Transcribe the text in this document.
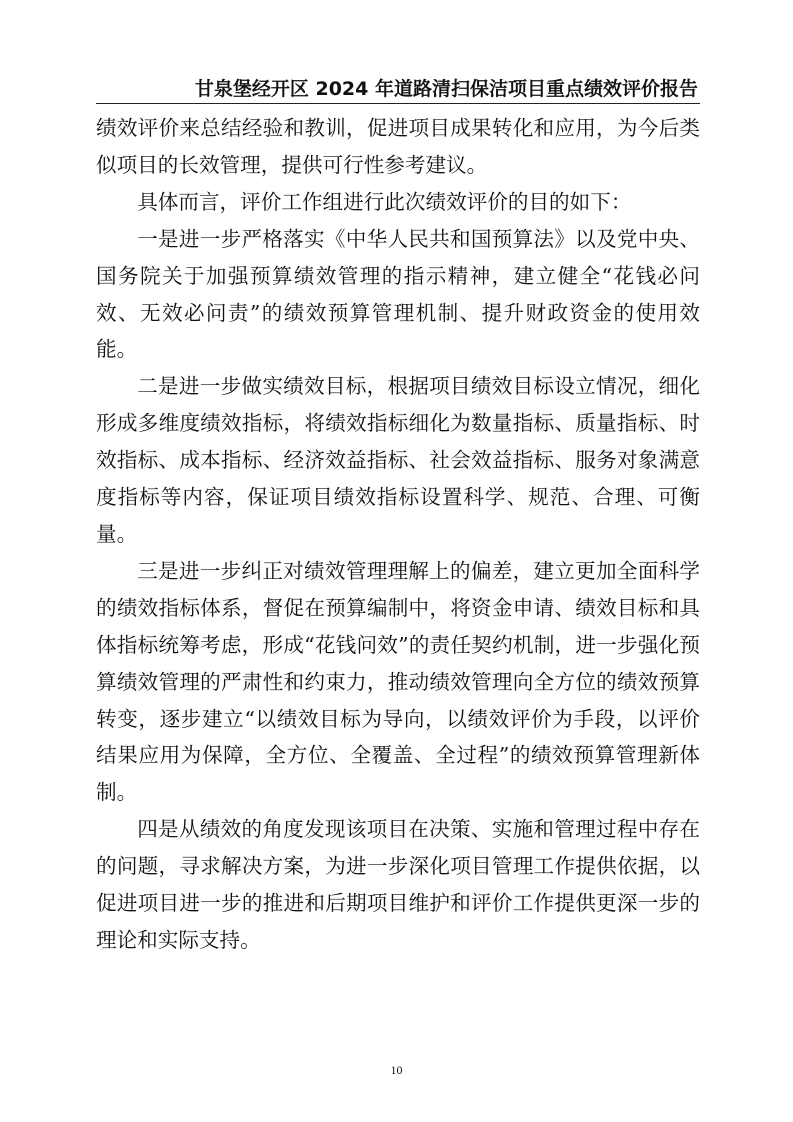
甘泉堡经开区 2024 年道路清扫保洁项目重点绩效评价报告

绩效评价来总结经验和教训，促进项目成果转化和应用，为今后类似项目的长效管理，提供可行性参考建议。

具体而言，评价工作组进行此次绩效评价的目的如下：

一是进一步严格落实《中华人民共和国预算法》以及党中央、国务院关于加强预算绩效管理的指示精神，建立健全“花钱必问效、无效必问责”的绩效预算管理机制、提升财政资金的使用效能。

二是进一步做实绩效目标，根据项目绩效目标设立情况，细化形成多维度绩效指标，将绩效指标细化为数量指标、质量指标、时效指标、成本指标、经济效益指标、社会效益指标、服务对象满意度指标等内容，保证项目绩效指标设置科学、规范、合理、可衡量。

三是进一步纠正对绩效管理理解上的偏差，建立更加全面科学的绩效指标体系，督促在预算编制中，将资金申请、绩效目标和具体指标统筹考虑，形成“花钱问效”的责任契约机制，进一步强化预算绩效管理的严肃性和约束力，推动绩效管理向全方位的绩效预算转变，逐步建立“以绩效目标为导向，以绩效评价为手段，以评价结果应用为保障，全方位、全覆盖、全过程”的绩效预算管理新体制。

四是从绩效的角度发现该项目在决策、实施和管理过程中存在的问题，寻求解决方案，为进一步深化项目管理工作提供依据，以促进项目进一步的推进和后期项目维护和评价工作提供更深一步的理论和实际支持。

10
